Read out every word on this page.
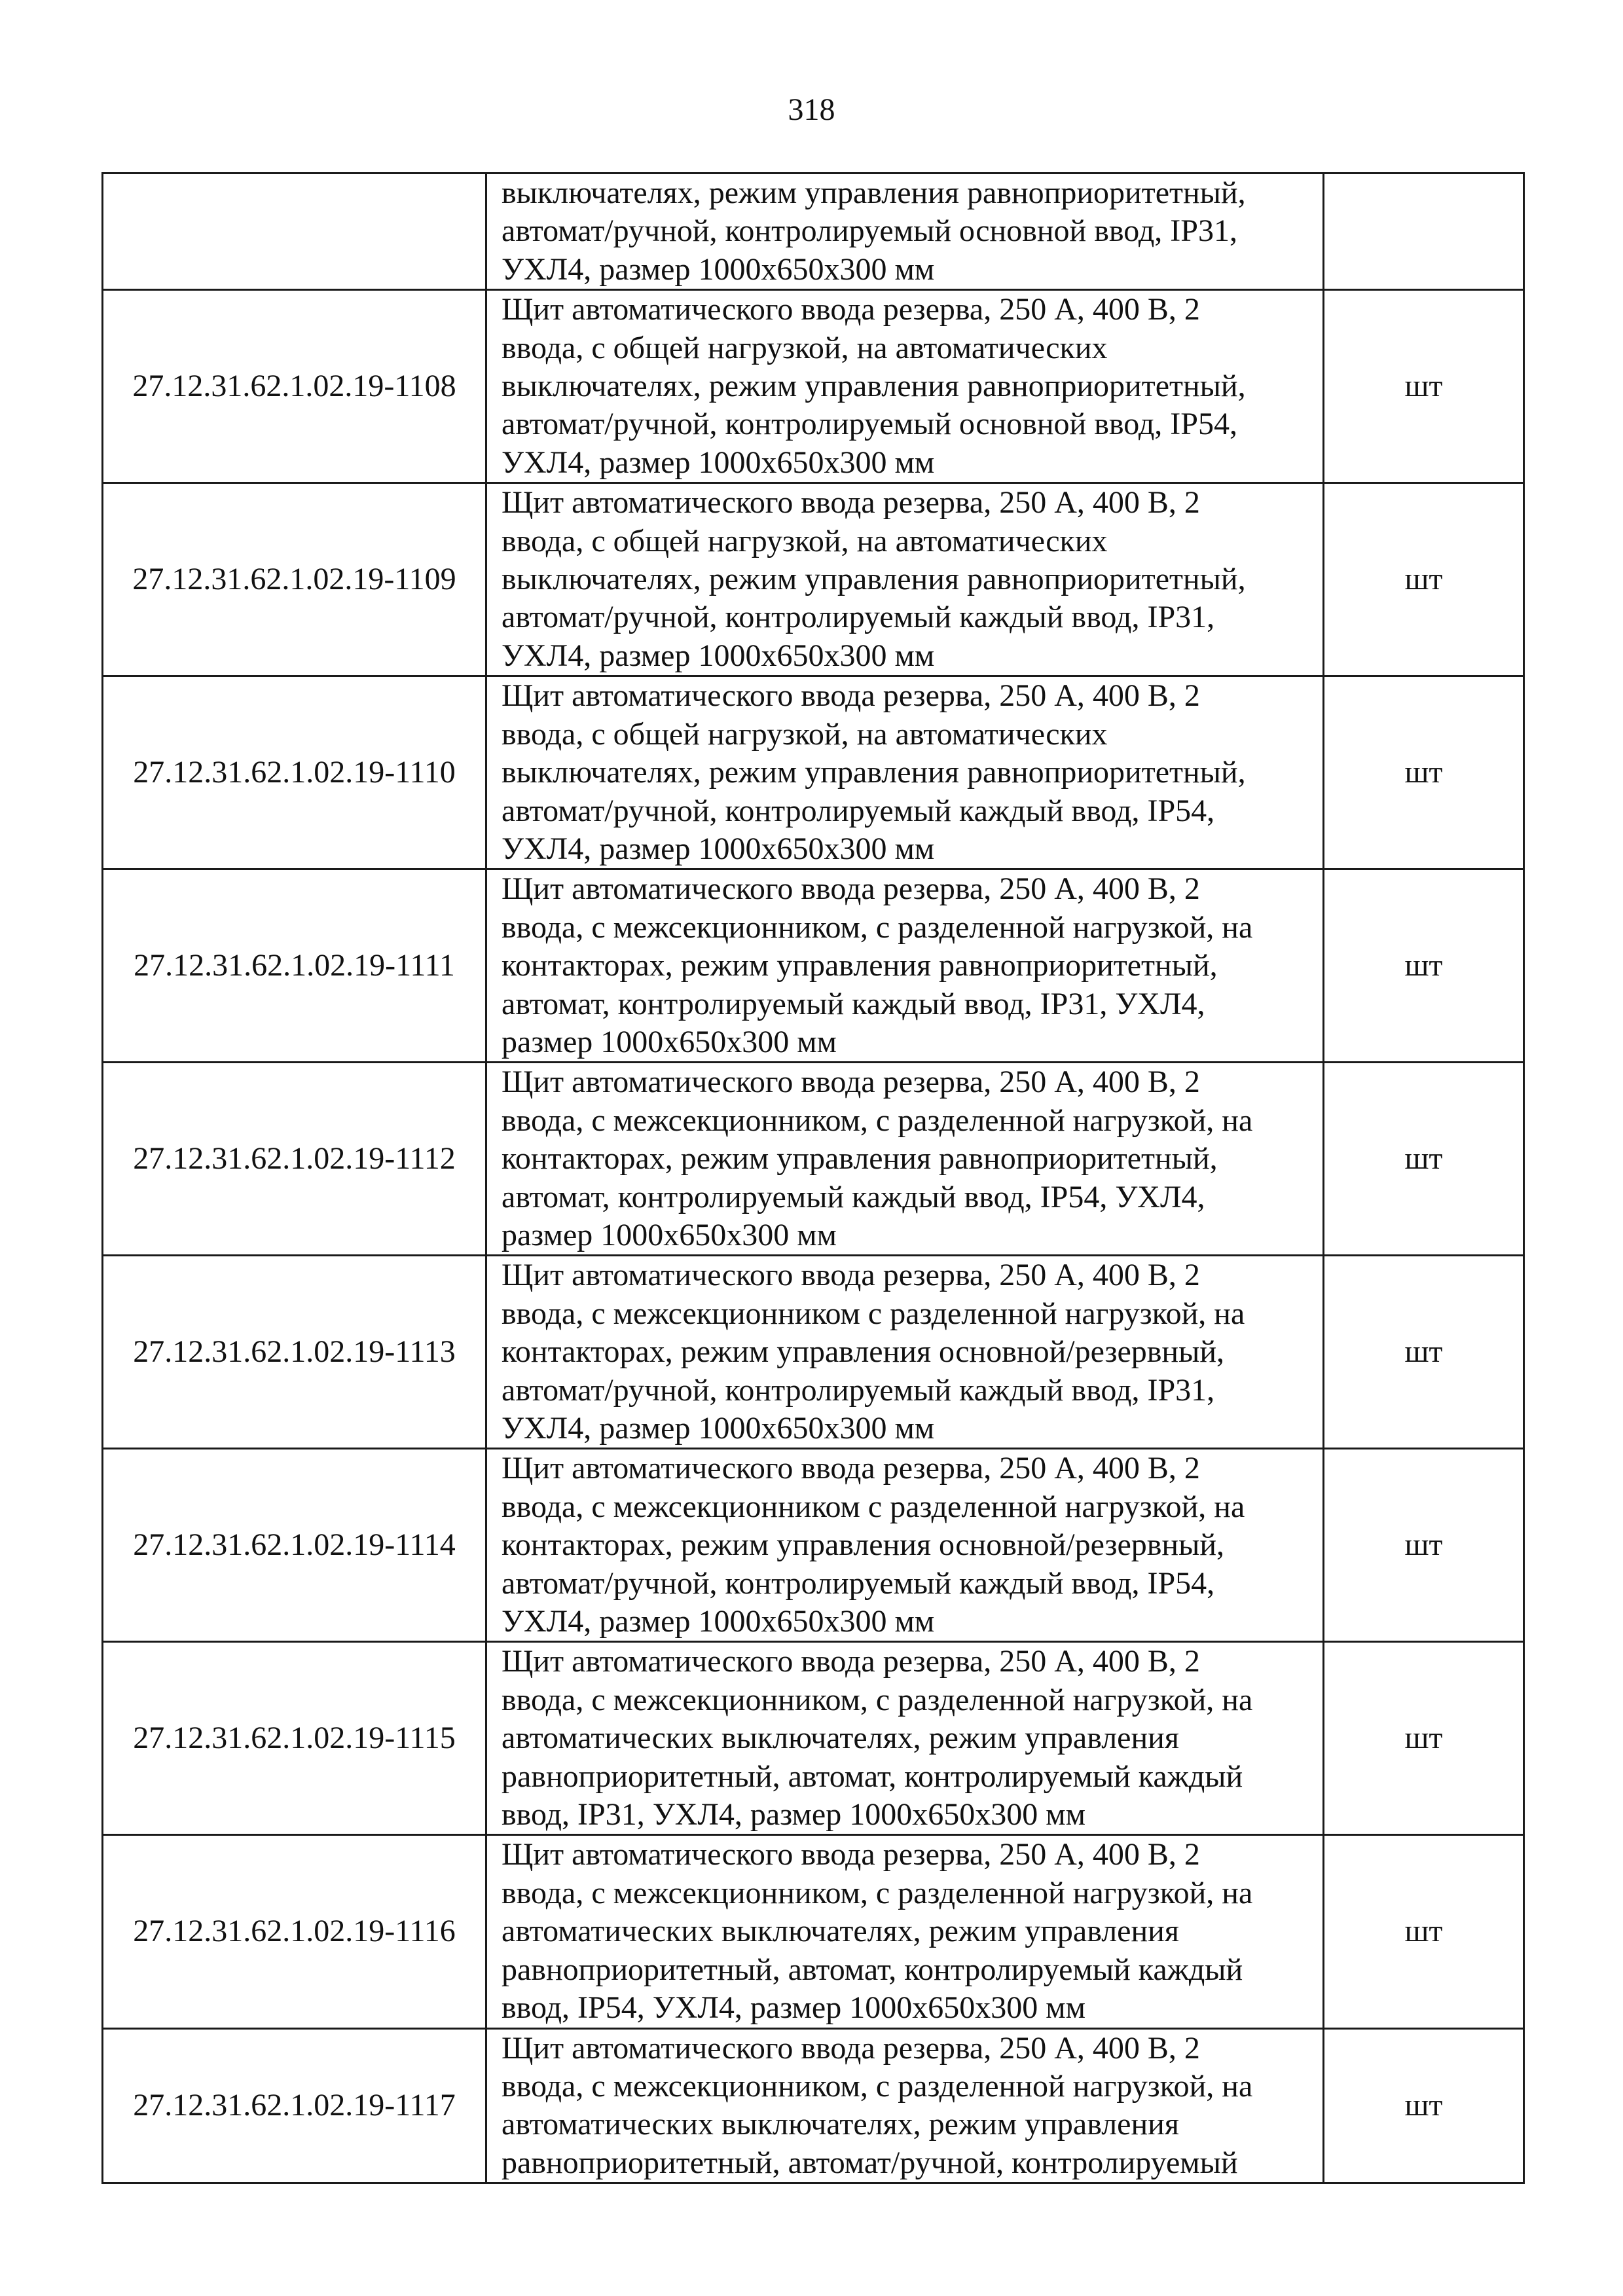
318

	выключателях, режим управления равноприоритетный,
автомат/ручной, контролируемый основной ввод, IP31,
УХЛ4, размер 1000x650x300 мм	

27.12.31.62.1.02.19-1108	Щит автоматического ввода резерва, 250 А, 400 В, 2
ввода, с общей нагрузкой, на автоматических
выключателях, режим управления равноприоритетный,
автомат/ручной, контролируемый основной ввод, IP54,
УХЛ4, размер 1000x650x300 мм	шт
27.12.31.62.1.02.19-1109	Щит автоматического ввода резерва, 250 А, 400 В, 2
ввода, с общей нагрузкой, на автоматических
выключателях, режим управления равноприоритетный,
автомат/ручной, контролируемый каждый ввод, IP31,
УХЛ4, размер 1000x650x300 мм	шт
27.12.31.62.1.02.19-1110	Щит автоматического ввода резерва, 250 А, 400 В, 2
ввода, с общей нагрузкой, на автоматических
выключателях, режим управления равноприоритетный,
автомат/ручной, контролируемый каждый ввод, IP54,
УХЛ4, размер 1000x650x300 мм	шт
27.12.31.62.1.02.19-1111	Щит автоматического ввода резерва, 250 А, 400 В, 2
ввода, с межсекционником, с разделенной нагрузкой, на
контакторах, режим управления равноприоритетный,
автомат, контролируемый каждый ввод, IP31, УХЛ4,
размер 1000x650x300 мм	шт
27.12.31.62.1.02.19-1112	Щит автоматического ввода резерва, 250 А, 400 В, 2
ввода, с межсекционником, с разделенной нагрузкой, на
контакторах, режим управления равноприоритетный,
автомат, контролируемый каждый ввод, IP54, УХЛ4,
размер 1000x650x300 мм	шт
27.12.31.62.1.02.19-1113	Щит автоматического ввода резерва, 250 А, 400 В, 2
ввода, с межсекционником с разделенной нагрузкой, на
контакторах, режим управления основной/резервный,
автомат/ручной, контролируемый каждый ввод, IP31,
УХЛ4, размер 1000x650x300 мм	шт
27.12.31.62.1.02.19-1114	Щит автоматического ввода резерва, 250 А, 400 В, 2
ввода, с межсекционником с разделенной нагрузкой, на
контакторах, режим управления основной/резервный,
автомат/ручной, контролируемый каждый ввод, IP54,
УХЛ4, размер 1000x650x300 мм	шт
27.12.31.62.1.02.19-1115	Щит автоматического ввода резерва, 250 А, 400 В, 2
ввода, с межсекционником, с разделенной нагрузкой, на
автоматических выключателях, режим управления
равноприоритетный, автомат, контролируемый каждый
ввод, IP31, УХЛ4, размер 1000x650x300 мм	шт
27.12.31.62.1.02.19-1116	Щит автоматического ввода резерва, 250 А, 400 В, 2
ввода, с межсекционником, с разделенной нагрузкой, на
автоматических выключателях, режим управления
равноприоритетный, автомат, контролируемый каждый
ввод, IP54, УХЛ4, размер 1000x650x300 мм	шт
27.12.31.62.1.02.19-1117	Щит автоматического ввода резерва, 250 А, 400 В, 2
ввода, с межсекционником, с разделенной нагрузкой, на
автоматических выключателях, режим управления
равноприоритетный, автомат/ручной, контролируемый	шт
